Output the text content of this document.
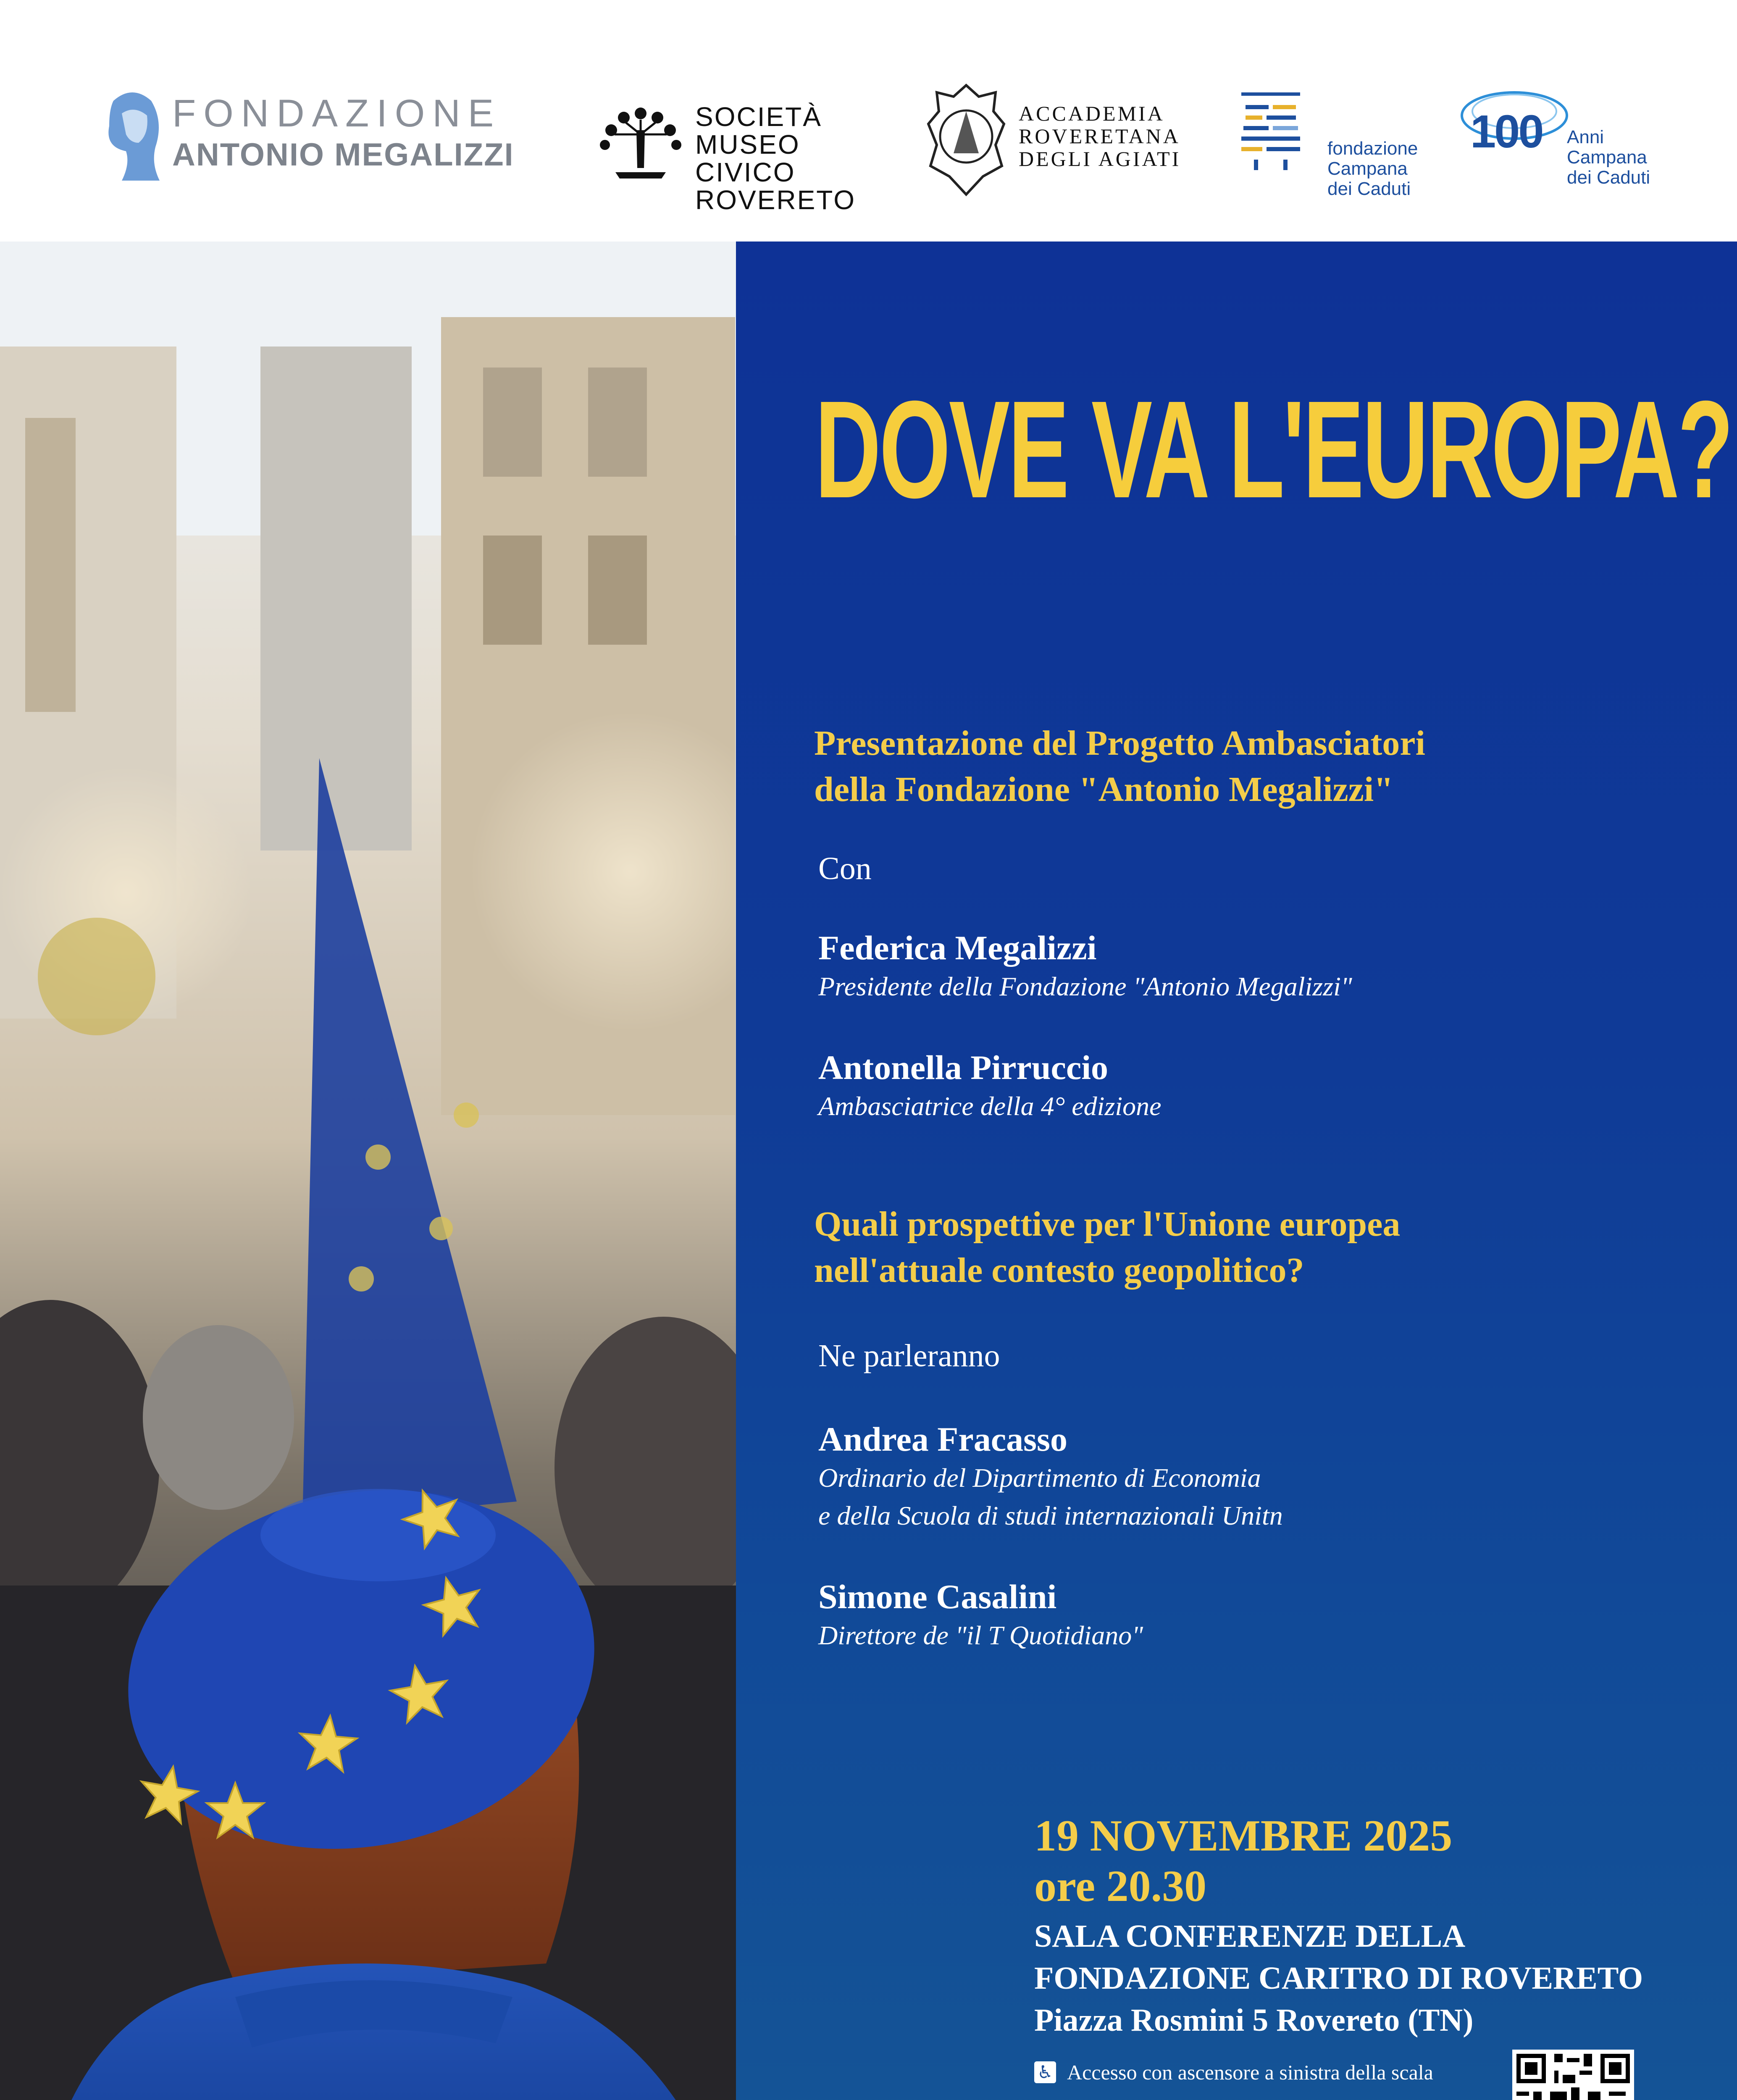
FONDAZIONE
ANTONIO MEGALIZZI
SOCIETÀ
MUSEO CIVICO
ROVERETO
ACCADEMIA
ROVERETANA
DEGLI AGIATI	fondazione
Campana
dei Caduti
100 Anni
Campana
dei Caduti
DOVE VA L'EUROPA?
Presentazione del Progetto Ambasciatori
della Fondazione "Antonio Megalizzi"
Con
Federica Megalizzi
Presidente della Fondazione "Antonio Megalizzi"
Antonella Pirruccio
Ambasciatrice della 4° edizione
Quali prospettive per l'Unione europea
nell'attuale contesto geopolitico?
Ne parleranno
Andrea Fracasso
Ordinario del Dipartimento di Economia
e della Scuola di studi internazionali Unitn
Simone Casalini
Direttore de "il T Quotidiano"
19 NOVEMBRE 2025
ore 20.30
SALA CONFERENZE DELLA
FONDAZIONE CARITRO DI ROVERETO
Piazza Rosmini 5 Rovereto (TN)
♿ Accesso con ascensore a sinistra della scala
